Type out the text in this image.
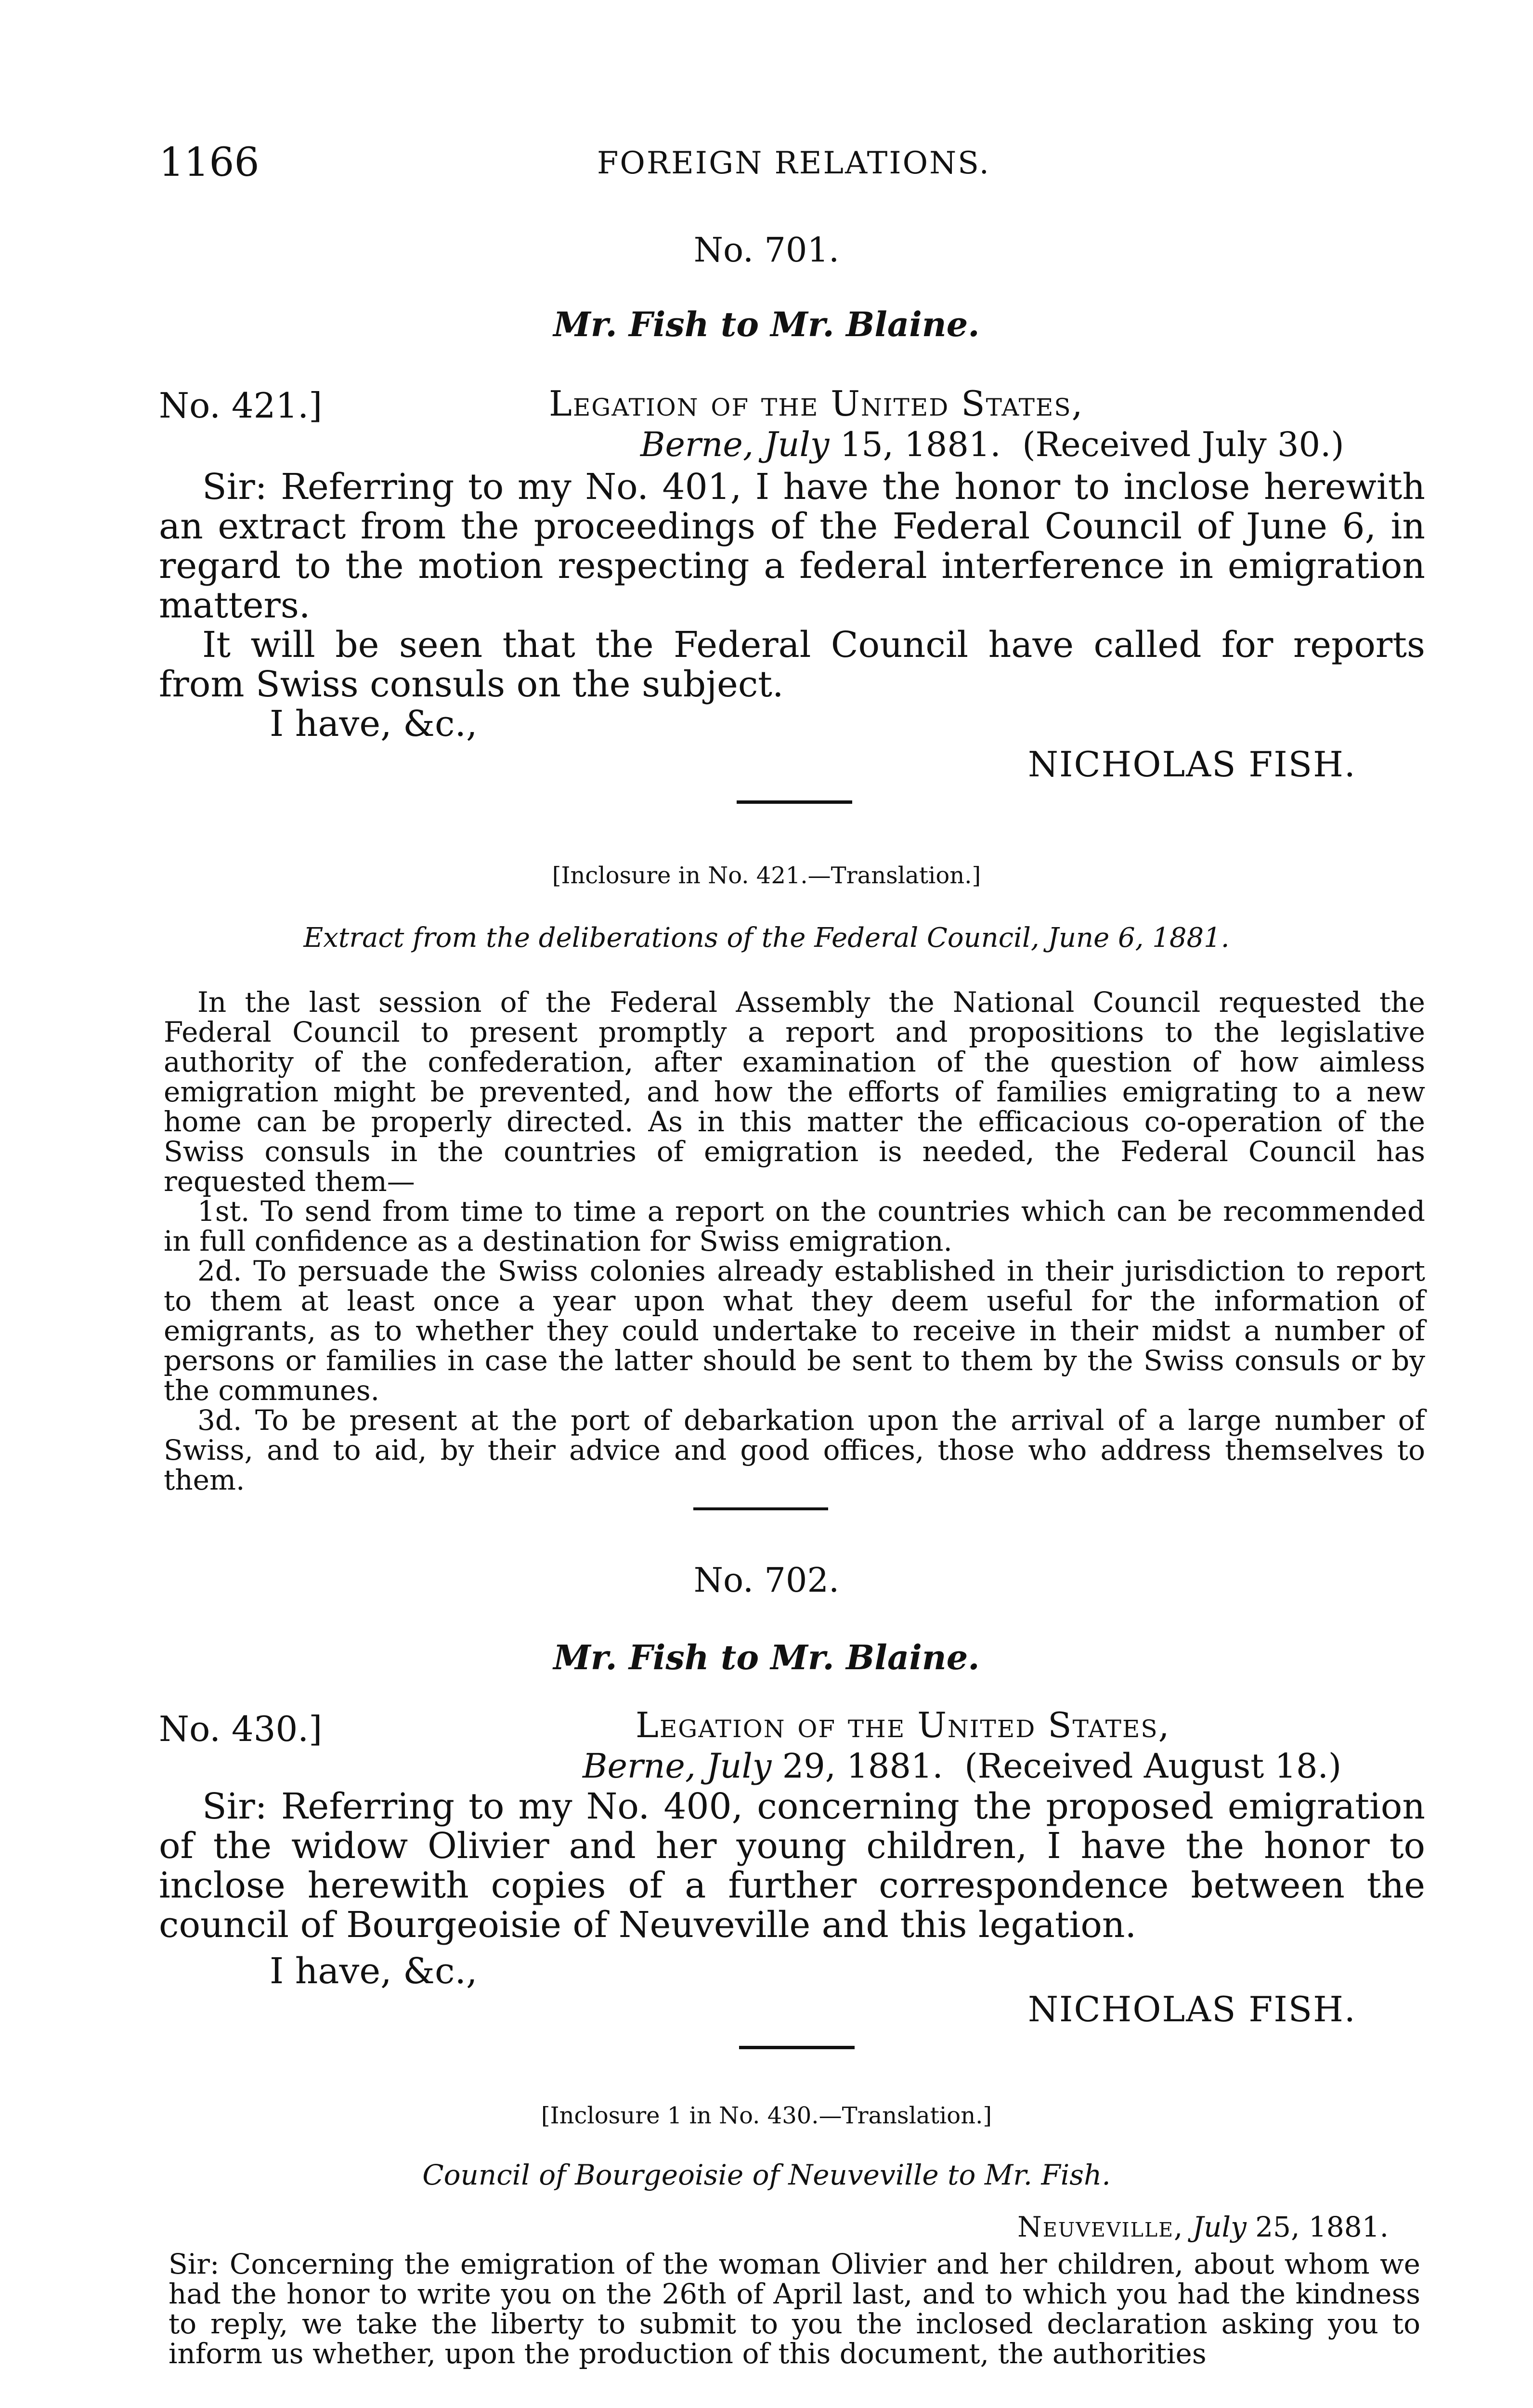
1166	FOREIGN RELATIONS.
No. 701.
Mr. Fish to Mr. Blaine.
No. 421.]	Legation of the United States,
Berne, July 15, 1881. (Received July 30.)

Sir: Referring to my No. 401, I have the honor to inclose herewith an extract from the proceedings of the Federal Council of June 6, in regard to the motion respecting a federal interference in emigration matters.

It will be seen that the Federal Council have called for reports from Swiss consuls on the subject.

I have, &c.,
NICHOLAS FISH.
[Inclosure in No. 421.—Translation.]
Extract from the deliberations of the Federal Council, June 6, 1881.

In the last session of the Federal Assembly the National Council requested the Federal Council to present promptly a report and propositions to the legislative authority of the confederation, after examination of the question of how aimless emigration might be prevented, and how the efforts of families emigrating to a new home can be properly directed. As in this matter the efficacious co-operation of the Swiss consuls in the countries of emigration is needed, the Federal Council has requested them—

1st. To send from time to time a report on the countries which can be recommended in full confidence as a destination for Swiss emigration.

2d. To persuade the Swiss colonies already established in their jurisdiction to report to them at least once a year upon what they deem useful for the information of emigrants, as to whether they could undertake to receive in their midst a number of persons or families in case the latter should be sent to them by the Swiss consuls or by the communes.

3d. To be present at the port of debarkation upon the arrival of a large number of Swiss, and to aid, by their advice and good offices, those who address themselves to them.

No. 702.
Mr. Fish to Mr. Blaine.
No. 430.]	Legation of the United States,
Berne, July 29, 1881. (Received August 18.)

Sir: Referring to my No. 400, concerning the proposed emigration of the widow Olivier and her young children, I have the honor to inclose herewith copies of a further correspondence between the council of Bourgeoisie of Neuveville and this legation.

I have, &c.,
NICHOLAS FISH.
[Inclosure 1 in No. 430.—Translation.]
Council of Bourgeoisie of Neuveville to Mr. Fish.
Neuveville, July 25, 1881.

Sir: Concerning the emigration of the woman Olivier and her children, about whom we had the honor to write you on the 26th of April last, and to which you had the kindness to reply, we take the liberty to submit to you the inclosed declaration asking you to inform us whether, upon the production of this document, the authorities
